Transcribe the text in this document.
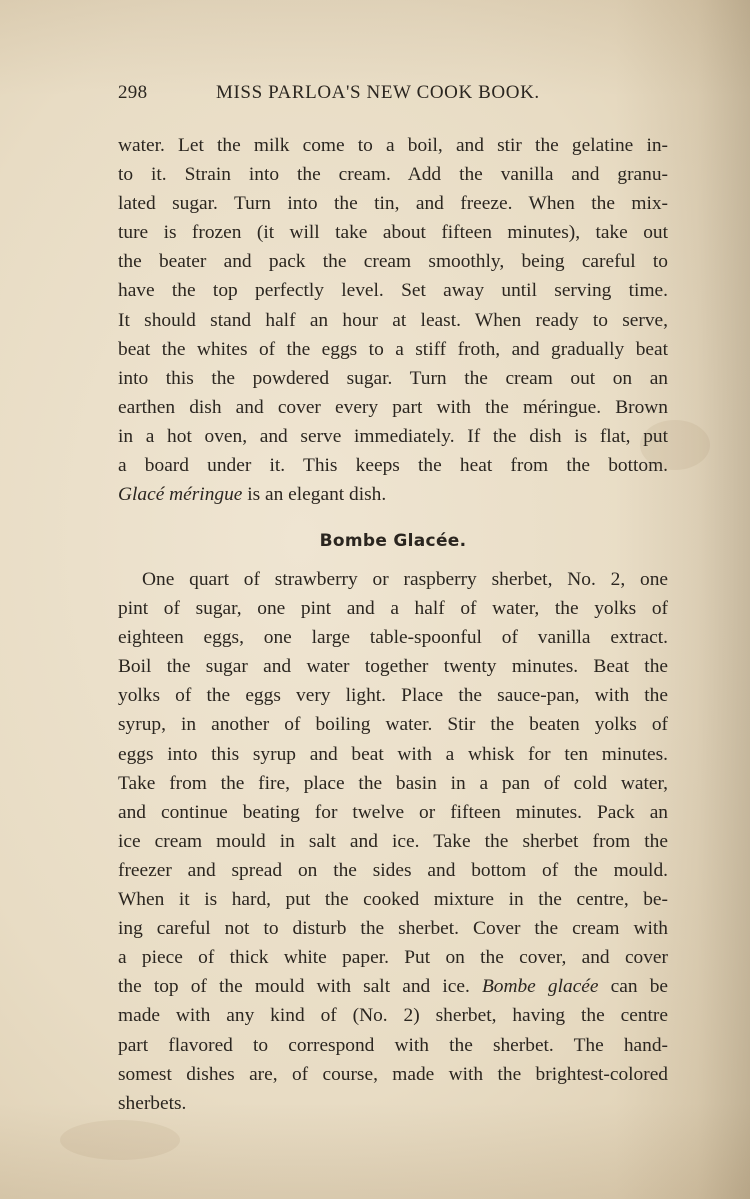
298	MISS PARLOA'S NEW COOK BOOK.
water. Let the milk come to a boil, and stir the gelatine in-
to it. Strain into the cream. Add the vanilla and granu-
lated sugar. Turn into the tin, and freeze. When the mix-
ture is frozen (it will take about fifteen minutes), take out
the beater and pack the cream smoothly, being careful to
have the top perfectly level. Set away until serving time.
It should stand half an hour at least. When ready to serve,
beat the whites of the eggs to a stiff froth, and gradually beat
into this the powdered sugar. Turn the cream out on an
earthen dish and cover every part with the méringue. Brown
in a hot oven, and serve immediately. If the dish is flat, put
a board under it. This keeps the heat from the bottom.
Glacé méringue is an elegant dish.
Bombe Glacée.
One quart of strawberry or raspberry sherbet, No. 2, one
pint of sugar, one pint and a half of water, the yolks of
eighteen eggs, one large table-spoonful of vanilla extract.
Boil the sugar and water together twenty minutes. Beat the
yolks of the eggs very light. Place the sauce-pan, with the
syrup, in another of boiling water. Stir the beaten yolks of
eggs into this syrup and beat with a whisk for ten minutes.
Take from the fire, place the basin in a pan of cold water,
and continue beating for twelve or fifteen minutes. Pack an
ice cream mould in salt and ice. Take the sherbet from the
freezer and spread on the sides and bottom of the mould.
When it is hard, put the cooked mixture in the centre, be-
ing careful not to disturb the sherbet. Cover the cream with
a piece of thick white paper. Put on the cover, and cover
the top of the mould with salt and ice. Bombe glacée can be
made with any kind of (No. 2) sherbet, having the centre
part flavored to correspond with the sherbet. The hand-
somest dishes are, of course, made with the brightest-colored
sherbets.
